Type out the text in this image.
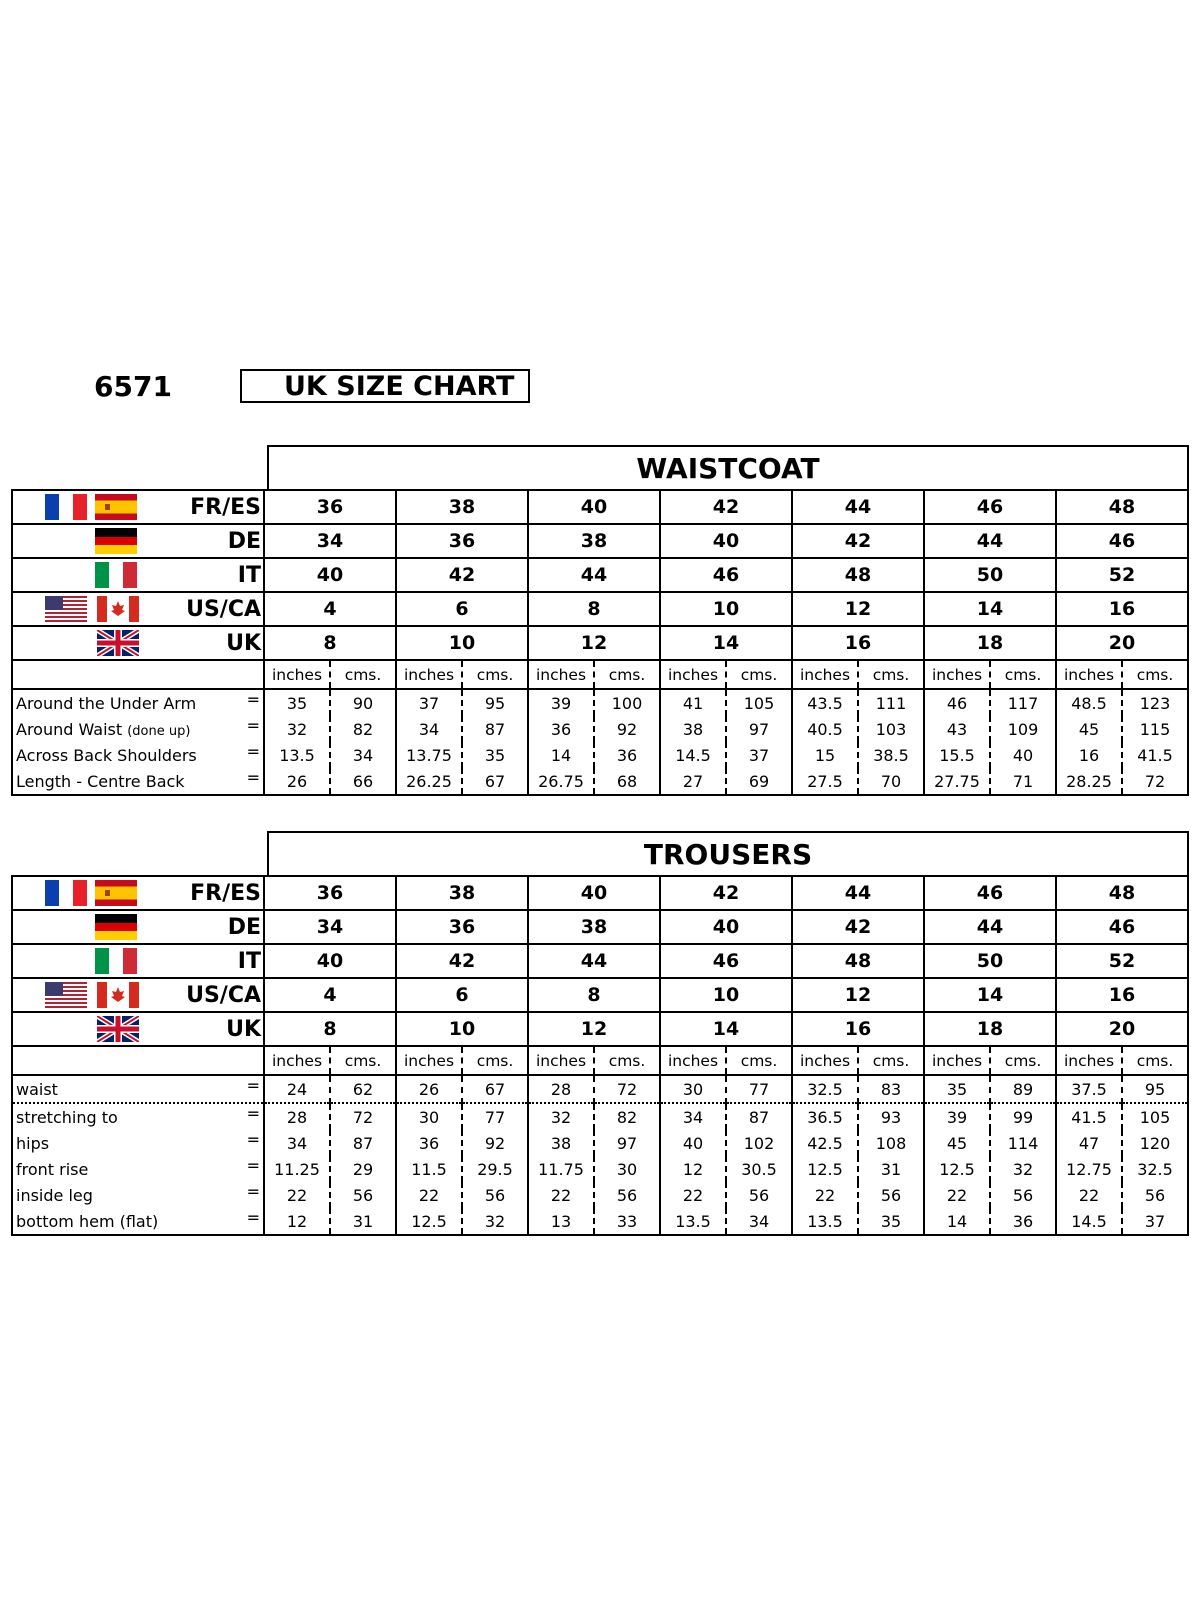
6571	UK SIZE CHART
WAISTCOAT
FR/ES	36	38	40	42	44	46	48

DE	34	36	38	40	42	44	46

IT	40	42	44	46	48	50	52

US/CA	4	6	8	10	12	14	16

UK	8	10	12	14	16	18	20
	inches	cms.	inches	cms.	inches	cms.	inches	cms.	inches	cms.	inches	cms.	inches	cms.
Around the Under Arm =	35	90	37	95	39	100	41	105	43.5	111	46	117	48.5	123
Around Waist (done up) =	32	82	34	87	36	92	38	97	40.5	103	43	109	45	115
Across Back Shoulders =	13.5	34	13.75	35	14	36	14.5	37	15	38.5	15.5	40	16	41.5
Length - Centre Back =	26	66	26.25	67	26.75	68	27	69	27.5	70	27.75	71	28.25	72
TROUSERS
FR/ES	36	38	40	42	44	46	48

DE	34	36	38	40	42	44	46

IT	40	42	44	46	48	50	52

US/CA	4	6	8	10	12	14	16

UK	8	10	12	14	16	18	20
	inches	cms.	inches	cms.	inches	cms.	inches	cms.	inches	cms.	inches	cms.	inches	cms.
waist =	24	62	26	67	28	72	30	77	32.5	83	35	89	37.5	95
stretching to =	28	72	30	77	32	82	34	87	36.5	93	39	99	41.5	105
hips =	34	87	36	92	38	97	40	102	42.5	108	45	114	47	120
front rise =	11.25	29	11.5	29.5	11.75	30	12	30.5	12.5	31	12.5	32	12.75	32.5
inside leg =	22	56	22	56	22	56	22	56	22	56	22	56	22	56
bottom hem (flat) =	12	31	12.5	32	13	33	13.5	34	13.5	35	14	36	14.5	37
